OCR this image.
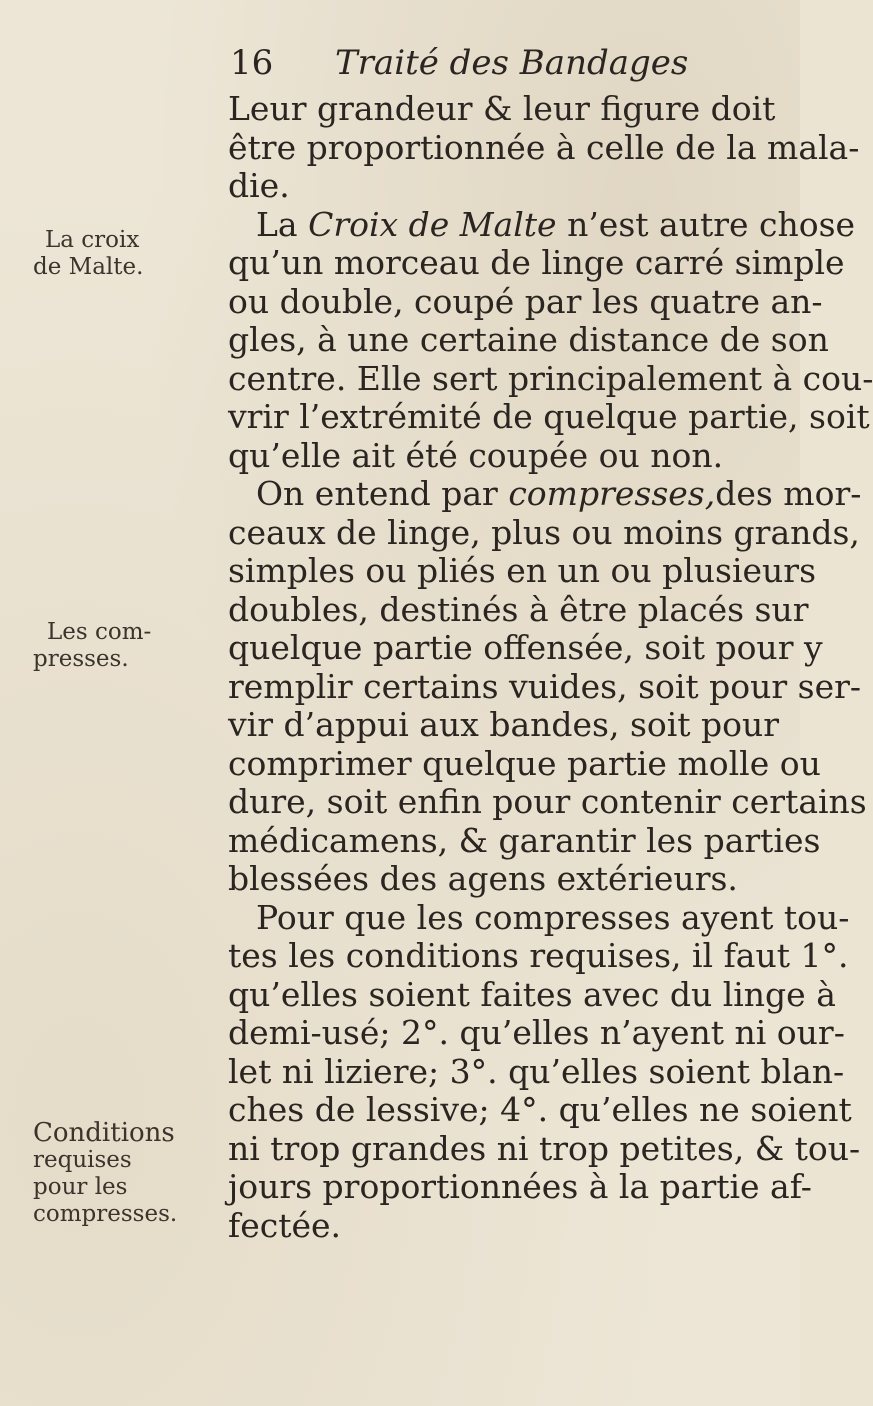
16 Traité des Bandages
La croix
de Malte.
Les com-
presses.
Conditions
requises
pour les
compresses.
Leur grandeur & leur figure doit
être proportionnée à celle de la mala-
die.
La Croix de Malte n’est autre chose
qu’un morceau de linge carré simple
ou double, coupé par les quatre an-
gles, à une certaine distance de son
centre. Elle sert principalement à cou-
vrir l’extrémité de quelque partie, soit
qu’elle ait été coupée ou non.
On entend par compresses,des mor-
ceaux de linge, plus ou moins grands,
simples ou pliés en un ou plusieurs
doubles, destinés à être placés sur
quelque partie offensée, soit pour y
remplir certains vuides, soit pour ser-
vir d’appui aux bandes, soit pour
comprimer quelque partie molle ou
dure, soit enfin pour contenir certains
médicamens, & garantir les parties
blessées des agens extérieurs.
Pour que les compresses ayent tou-
tes les conditions requises, il faut 1°.
qu’elles soient faites avec du linge à
demi-usé; 2°. qu’elles n’ayent ni our-
let ni liziere; 3°. qu’elles soient blan-
ches de lessive; 4°. qu’elles ne soient
ni trop grandes ni trop petites, & tou-
jours proportionnées à la partie af-
fectée.
